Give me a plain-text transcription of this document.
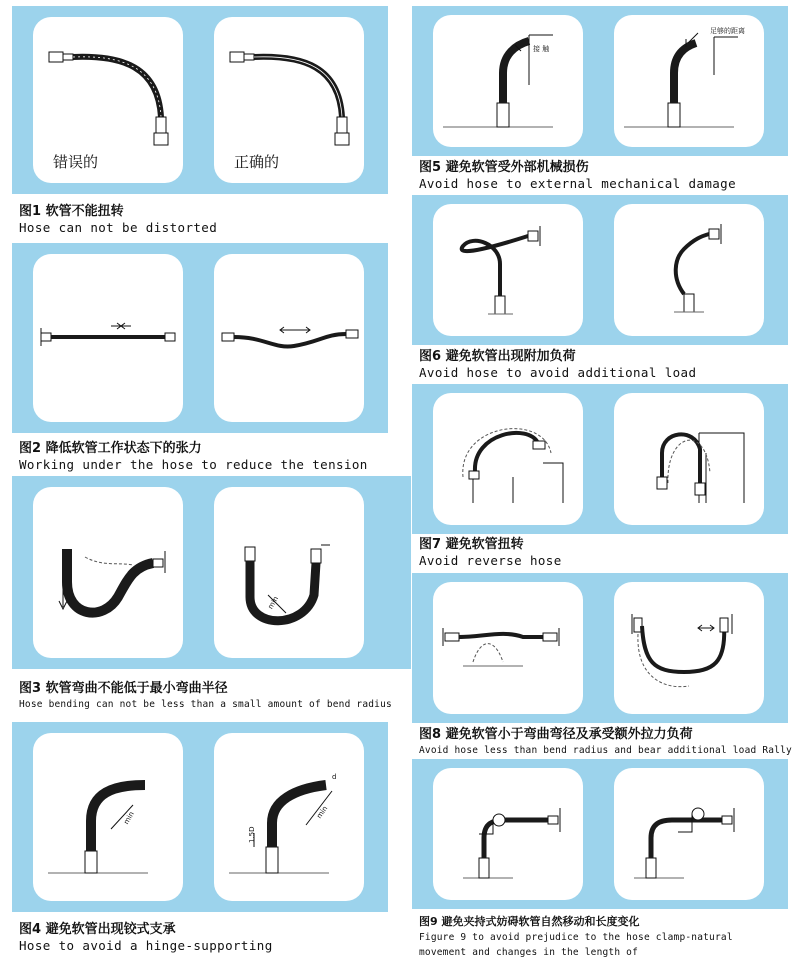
错误的	正确的
图1 软管不能扭转
Hose can not be distorted
图2 降低软管工作状态下的张力
Working under the hose to reduce the tension
min
图3 软管弯曲不能低于最小弯曲半径
Hose bending can not be less than a small amount of bend radius
min
1.5D
min
d
图4 避免软管出现铰式支承
Hose to avoid a hinge-supporting
接 触
足够的距离
图5 避免软管受外部机械损伤
Avoid hose to external mechanical damage
图6 避免软管出现附加负荷
Avoid hose to avoid additional load
图7 避免软管扭转
Avoid reverse hose
图8 避免软管小于弯曲弯径及承受额外拉力负荷
Avoid hose less than bend radius and bear additional load Rally
图9 避免夹持式妨碍软管自然移动和长度变化
Figure 9 to avoid prejudice to the hose clamp-natural
movement and changes in the length of
